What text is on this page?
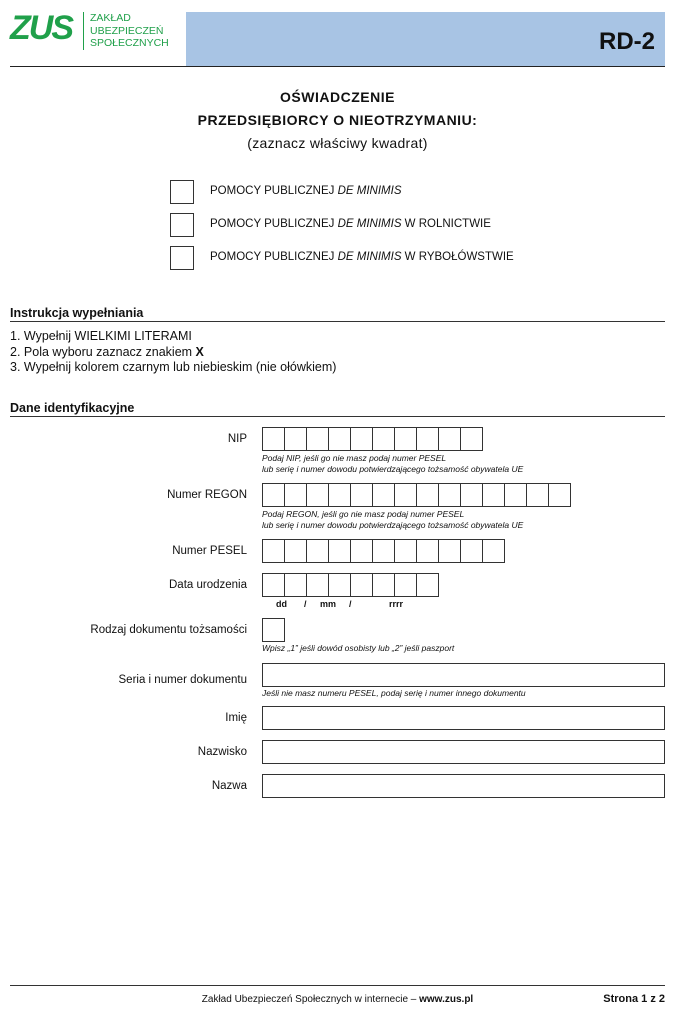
ZUS ZAKŁAD
UBEZPIECZEŃ
SPOŁECZNYCH	RD-2
OŚWIADCZENIE
PRZEDSIĘBIORCY O NIEOTRZYMANIU:
(zaznacz właściwy kwadrat)
POMOCY PUBLICZNEJ DE MINIMIS
POMOCY PUBLICZNEJ DE MINIMIS W ROLNICTWIE
POMOCY PUBLICZNEJ DE MINIMIS W RYBOŁÓWSTWIE
Instrukcja wypełniania
1. Wypełnij WIELKIMI LITERAMI
2. Pola wyboru zaznacz znakiem X
3. Wypełnij kolorem czarnym lub niebieskim (nie ołówkiem)
Dane identyfikacyjne
NIP
Podaj NIP, jeśli go nie masz podaj numer PESEL
lub serię i numer dowodu potwierdzającego tożsamość obywatela UE
Numer REGON
Podaj REGON, jeśli go nie masz podaj numer PESEL
lub serię i numer dowodu potwierdzającego tożsamość obywatela UE
Numer PESEL
Data urodzenia
dd / mm /	rrrr
Rodzaj dokumentu tożsamości
Wpisz „1” jeśli dowód osobisty lub „2” jeśli paszport
Seria i numer dokumentu
Jeśli nie masz numeru PESEL, podaj serię i numer innego dokumentu
Imię
Nazwisko
Nazwa
Zakład Ubezpieczeń Społecznych w internecie – www.zus.pl	Strona 1 z 2
